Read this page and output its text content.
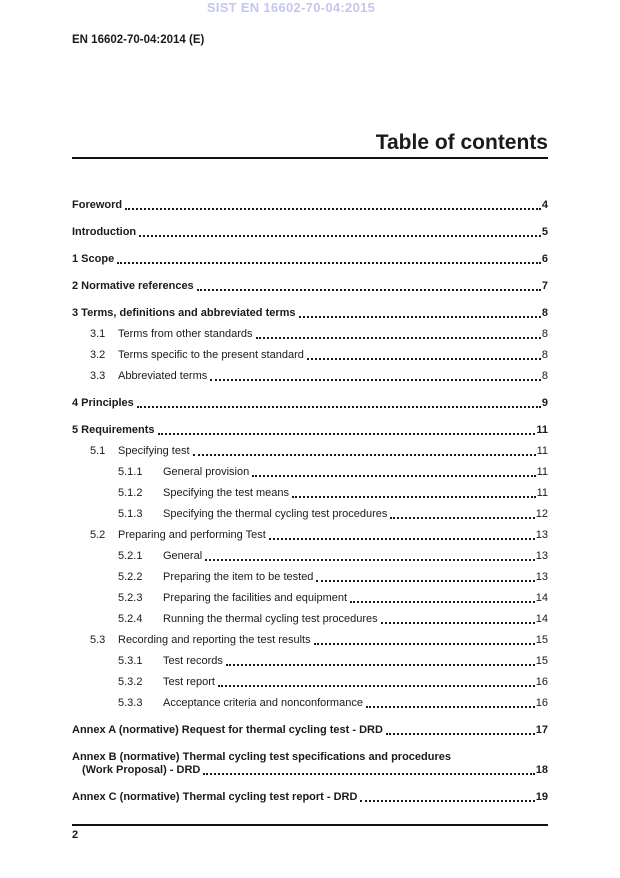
SIST EN 16602-70-04:2015
EN 16602-70-04:2014 (E)
Table of contents
Foreword	4
Introduction	5
1 Scope	6
2 Normative references	7
3 Terms, definitions and abbreviated terms	8
3.1	Terms from other standards	8
3.2	Terms specific to the present standard	8
3.3	Abbreviated terms	8
4 Principles	9
5 Requirements	11
5.1	Specifying test	11
5.1.1	General provision	11
5.1.2	Specifying the test means	11
5.1.3	Specifying the thermal cycling test procedures	12
5.2	Preparing and performing Test	13
5.2.1	General	13
5.2.2	Preparing the item to be tested	13
5.2.3	Preparing the facilities and equipment	14
5.2.4	Running the thermal cycling test procedures	14
5.3	Recording and reporting the test results	15
5.3.1	Test records	15
5.3.2	Test report	16
5.3.3	Acceptance criteria and nonconformance	16
Annex A (normative) Request for thermal cycling test - DRD	17
Annex B (normative) Thermal cycling test specifications and procedures
(Work Proposal) - DRD	18
Annex C (normative) Thermal cycling test report - DRD	19
2
